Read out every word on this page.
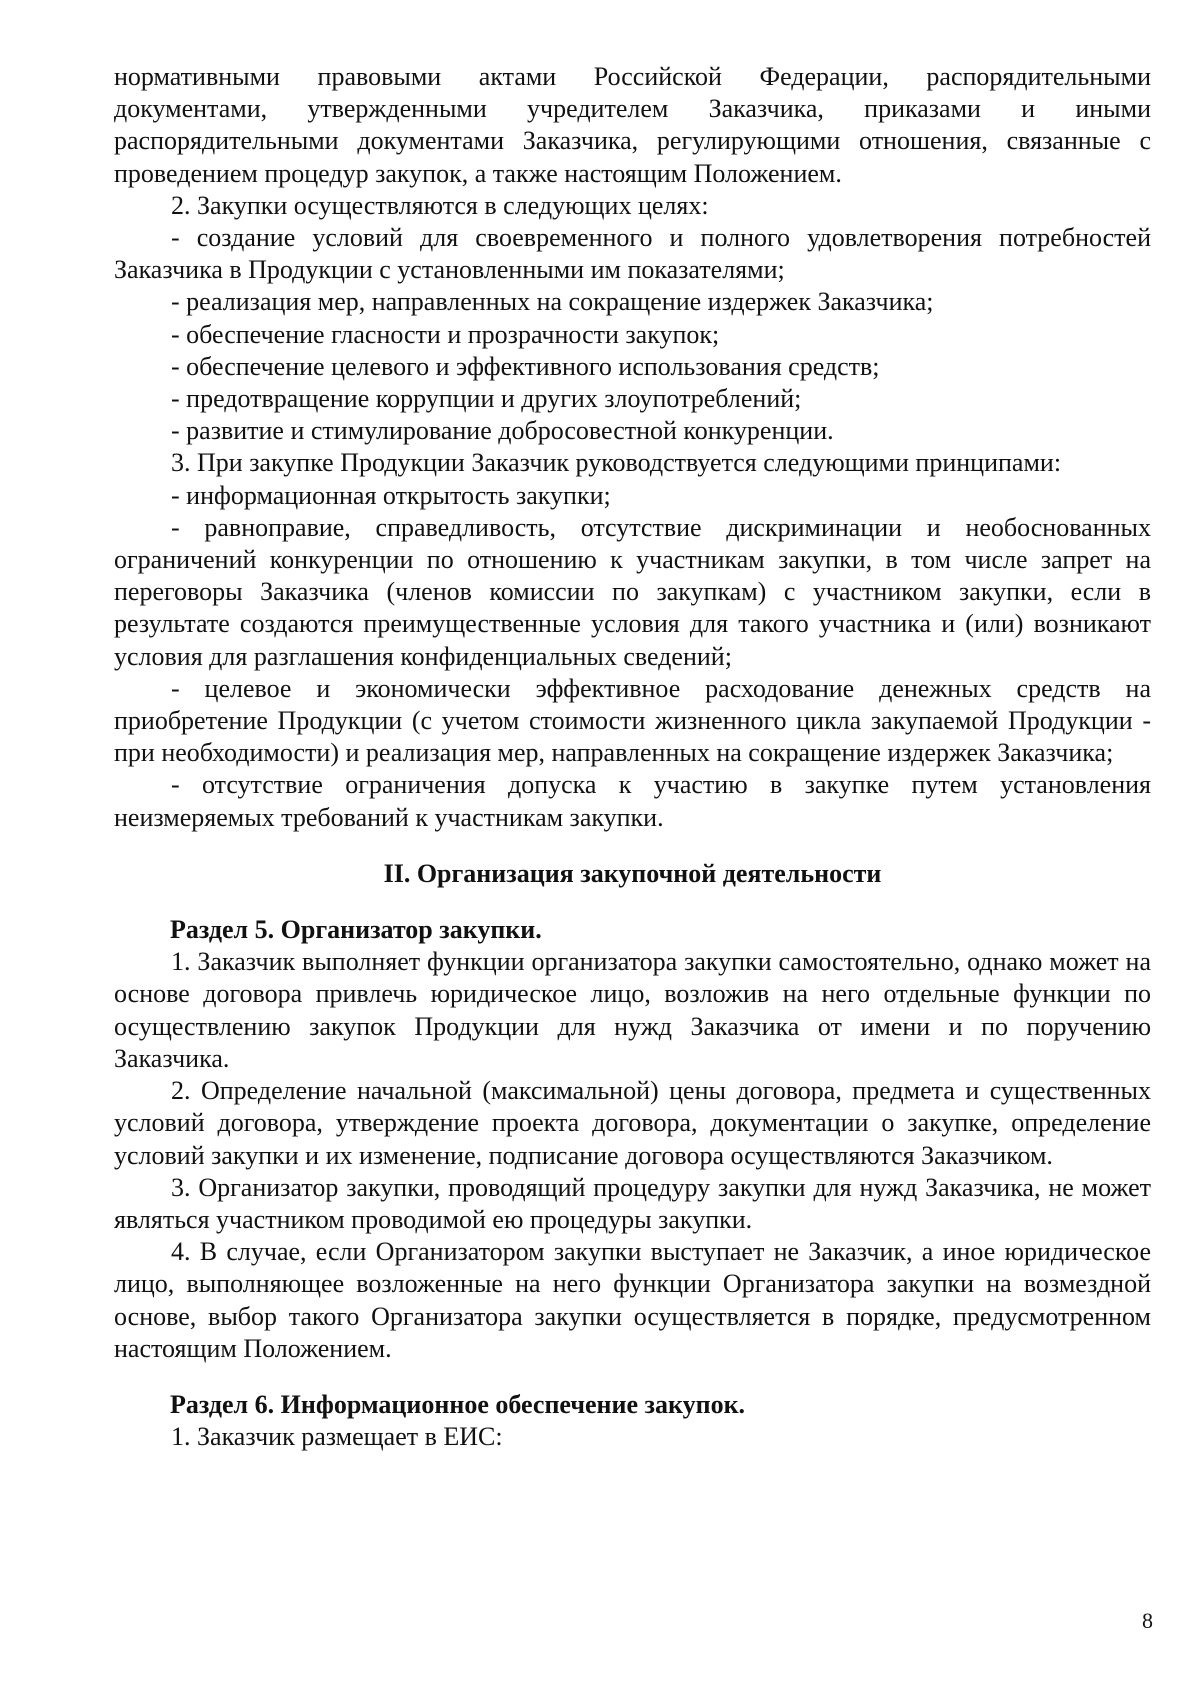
нормативными правовыми актами Российской Федерации, распорядительными документами, утвержденными учредителем Заказчика, приказами и иными распорядительными документами Заказчика, регулирующими отношения, связанные с проведением процедур закупок, а также настоящим Положением.

2. Закупки осуществляются в следующих целях:

- создание условий для своевременного и полного удовлетворения потребностей Заказчика в Продукции с установленными им показателями;

- реализация мер, направленных на сокращение издержек Заказчика;

- обеспечение гласности и прозрачности закупок;

- обеспечение целевого и эффективного использования средств;

- предотвращение коррупции и других злоупотреблений;

- развитие и стимулирование добросовестной конкуренции.

3. При закупке Продукции Заказчик руководствуется следующими принципами:

- информационная открытость закупки;

- равноправие, справедливость, отсутствие дискриминации и необоснованных ограничений конкуренции по отношению к участникам закупки, в том числе запрет на переговоры Заказчика (членов комиссии по закупкам) с участником закупки, если в результате создаются преимущественные условия для такого участника и (или) возникают условия для разглашения конфиденциальных сведений;

- целевое и экономически эффективное расходование денежных средств на приобретение Продукции (с учетом стоимости жизненного цикла закупаемой Продукции - при необходимости) и реализация мер, направленных на сокращение издержек Заказчика;

- отсутствие ограничения допуска к участию в закупке путем установления неизмеряемых требований к участникам закупки.

II. Организация закупочной деятельности
Раздел 5. Организатор закупки.

1. Заказчик выполняет функции организатора закупки самостоятельно, однако может на основе договора привлечь юридическое лицо, возложив на него отдельные функции по осуществлению закупок Продукции для нужд Заказчика от имени и по поручению Заказчика.

2. Определение начальной (максимальной) цены договора, предмета и существенных условий договора, утверждение проекта договора, документации о закупке, определение условий закупки и их изменение, подписание договора осуществляются Заказчиком.

3. Организатор закупки, проводящий процедуру закупки для нужд Заказчика, не может являться участником проводимой ею процедуры закупки.

4. В случае, если Организатором закупки выступает не Заказчик, а иное юридическое лицо, выполняющее возложенные на него функции Организатора закупки на возмездной основе, выбор такого Организатора закупки осуществляется в порядке, предусмотренном настоящим Положением.

Раздел 6. Информационное обеспечение закупок.

1. Заказчик размещает в ЕИС:

8
